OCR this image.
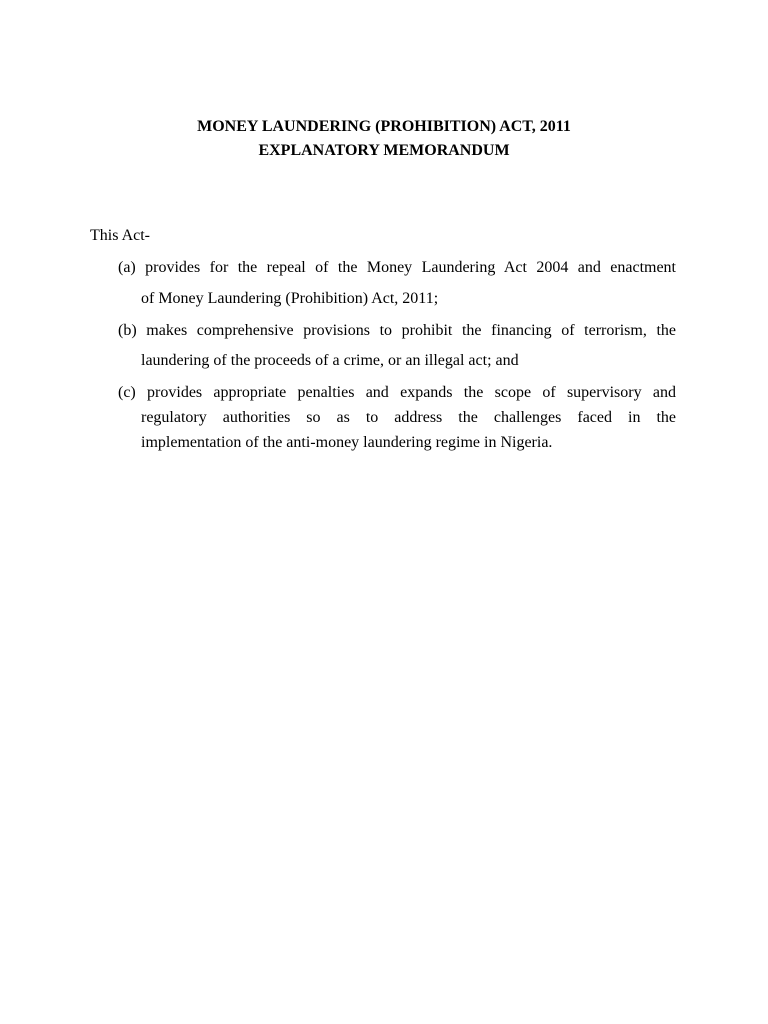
MONEY LAUNDERING (PROHIBITION) ACT, 2011
EXPLANATORY MEMORANDUM
This Act-
(a) provides for the repeal of the Money Laundering Act 2004 and enactment
of Money Laundering (Prohibition) Act, 2011;
(b) makes comprehensive provisions to prohibit the financing of terrorism, the
laundering of the proceeds of a crime, or an illegal act; and
(c) provides appropriate penalties and expands the scope of supervisory and
regulatory authorities so as to address the challenges faced in the
implementation of the anti-money laundering regime in Nigeria.
